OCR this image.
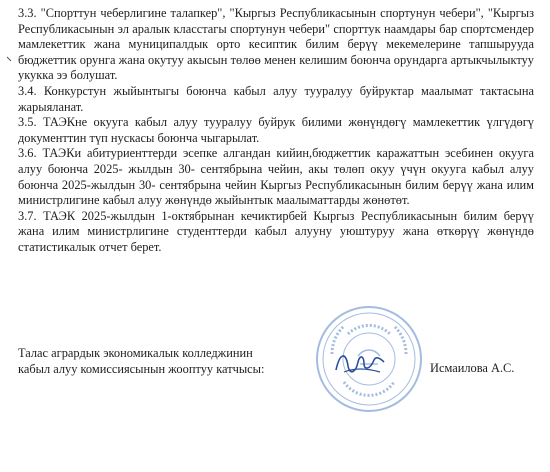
3.3. "Спорттун чеберлигине талапкер", "Кыргыз Республикасынын спортунун чебери", "Кыргыз Республикасынын эл аралык класстагы спортунун чебери" спорттук наамдары бар спортсмендер мамлекеттик жана муниципалдык орто кесиптик билим берүү мекемелерине тапшырууда бюджеттик орунга жана окутуу акысын төлөө менен келишим боюнча орундарга артыкчылыктуу укукка ээ болушат.

3.4. Конкурстун жыйынтыгы боюнча кабыл алуу тууралуу буйруктар маалымат тактасына жарыяланат.

3.5. ТАЭКне окууга кабыл алуу тууралуу буйрук билими жөнүндөгү мамлекеттик үлгүдөгү документтин түп нускасы боюнча чыгарылат.

3.6. ТАЭКи абитуриенттерди эсепке алгандан кийин,бюджеттик каражаттын эсебинен окууга алуу боюнча 2025- жылдын 30- сентябрына чейин, акы төлөп окуу үчүн окууга кабыл алуу боюнча 2025-жылдын 30- сентябрына чейин Кыргыз Республикасынын билим берүү жана илим министрлигине кабыл алуу жөнүндө жыйынтык маалыматтарды жөнөтөт.

3.7. ТАЭК 2025-жылдын 1-октябрынан кечиктирбей Кыргыз Республикасынын билим берүү жана илим министрлигине студенттерди кабыл алууну уюштуруу жана өткөрүү жөнүндө статистикалык отчет берет.

Талас агрардык экономикалык колледжинин
кабыл алуу комиссиясынын жооптуу катчысы:	Исмаилова А.С.
